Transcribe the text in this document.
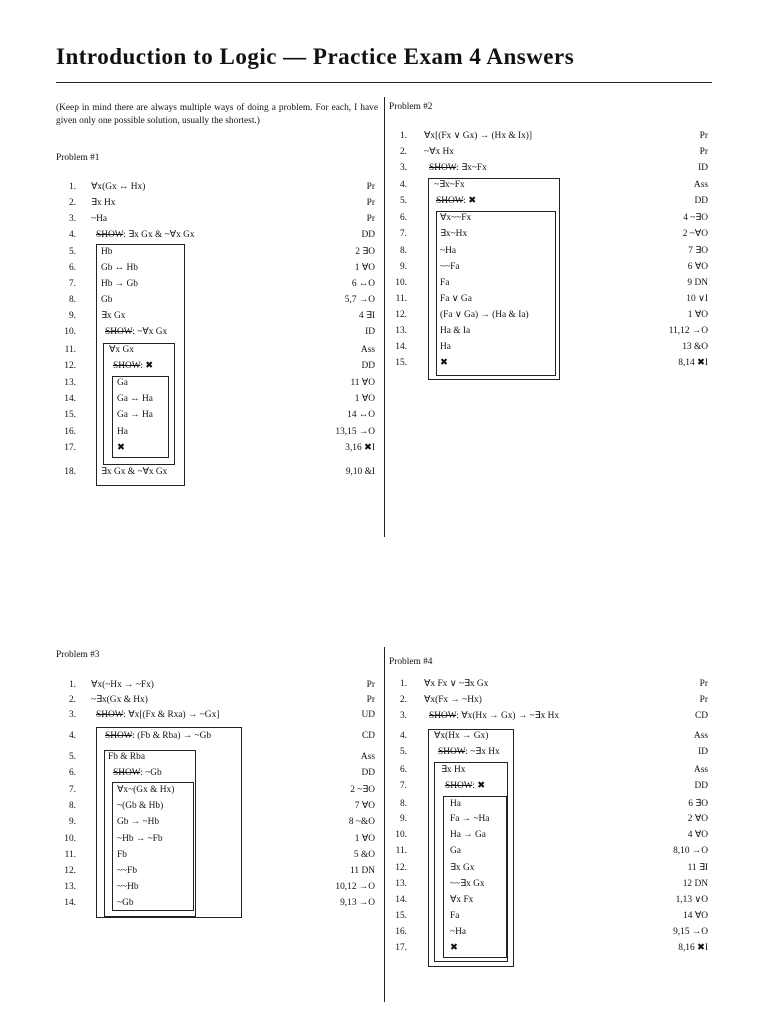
Introduction to Logic — Practice Exam 4 Answers
(Keep in mind there are always multiple ways of doing a problem. For each, I have given only one possible solution, usually the shortest.)
Problem #1
1. ∀x(Gx ↔ Hx)	Pr
2. ∃x Hx	Pr
3. ~Ha	Pr
4. SHOW: ∃x Gx & ~∀x Gx	DD
5.	Hb	2 ∃O
6.	Gb ↔ Hb	1 ∀O
7.	Hb → Gb	6 ↔O
8.	Gb	5,7 →O
9.	∃x Gx	4 ∃I
10.	SHOW: ~∀x Gx	ID
11.	∀x Gx	Ass
12.	SHOW: ✖	DD
13.	Ga	11 ∀O
14.	Ga ↔ Ha	1 ∀O
15.	Ga → Ha	14 ↔O
16.	Ha	13,15 →O
17.	✖	3,16 ✖I
18.	∃x Gx & ~∀x Gx	9,10 &I
Problem #2
1. ∀x[(Fx ∨ Gx) → (Hx & Ix)]	Pr
2. ~∀x Hx	Pr
3. SHOW: ∃x~Fx	ID
4.	~∃x~Fx	Ass
5.	SHOW: ✖	DD
6.	∀x~~Fx	4 ~∃O
7.	∃x~Hx	2 ~∀O
8.	~Ha	7 ∃O
9.	~~Fa	6 ∀O
10.	Fa	9 DN
11.	Fa ∨ Ga	10 ∨I
12.	(Fa ∨ Ga) → (Ha & Ia)	1 ∀O
13.	Ha & Ia	11,12 →O
14.	Ha	13 &O
15.	✖	8,14 ✖I
Problem #3
1. ∀x(~Hx → ~Fx)	Pr
2. ~∃x(Gx & Hx)	Pr
3. SHOW: ∀x[(Fx & Rxa) → ~Gx]	UD
4.	SHOW: (Fb & Rba) → ~Gb	CD
5.	Fb & Rba	Ass
6.	SHOW: ~Gb	DD
7.	∀x~(Gx & Hx)	2 ~∃O
8.	~(Gb & Hb)	7 ∀O
9.	Gb → ~Hb	8 ~&O
10.	~Hb → ~Fb	1 ∀O
11.	Fb	5 &O
12.	~~Fb	11 DN
13.	~~Hb	10,12 →O
14.	~Gb	9,13 →O
Problem #4
1. ∀x Fx ∨ ~∃x Gx	Pr
2. ∀x(Fx → ~Hx)	Pr
3. SHOW: ∀x(Hx → Gx) → ~∃x Hx	CD
4.	∀x(Hx → Gx)	Ass
5.	SHOW: ~∃x Hx	ID
6.	∃x Hx	Ass
7.	SHOW: ✖	DD
8.	Ha	6 ∃O
9.	Fa → ~Ha	2 ∀O
10.	Ha → Ga	4 ∀O
11.	Ga	8,10 →O
12.	∃x Gx	11 ∃I
13.	~~∃x Gx	12 DN
14.	∀x Fx	1,13 ∨O
15.	Fa	14 ∀O
16.	~Ha	9,15 →O
17.	✖	8,16 ✖I
